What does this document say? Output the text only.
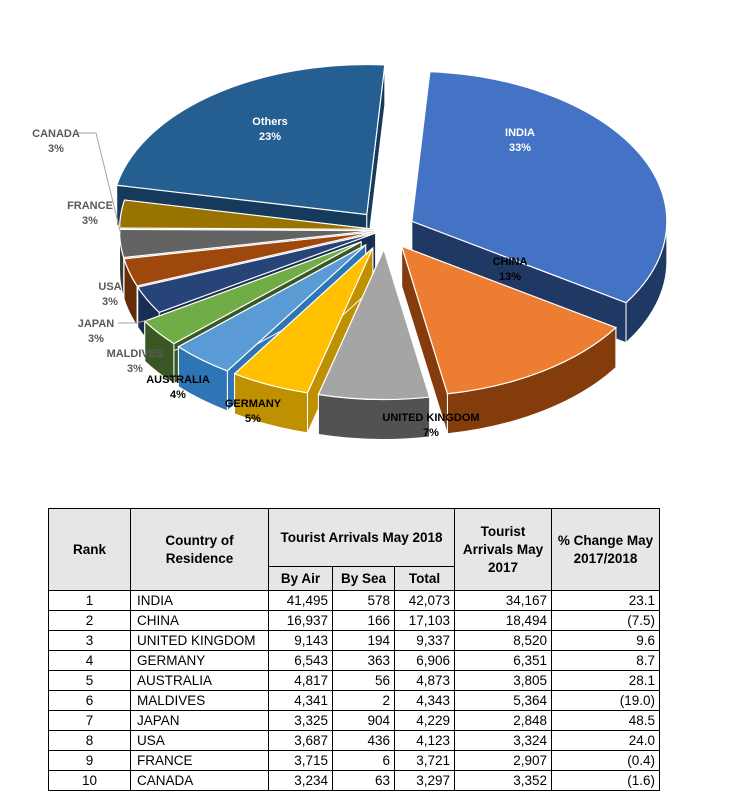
INDIA
33%
CHINA
13%
UNITED KINGDOM
7%
GERMANY
5%
AUSTRALIA
4%
MALDIVES
3%
JAPAN
3%
USA
3%
FRANCE
3%
CANADA
3%
Others
23%
Rank	Country of Residence	Tourist Arrivals May 2018			Tourist Arrivals May 2017	% Change May 2017/2018
		By Air	By Sea	Total		
1	INDIA	41,495	578	42,073	34,167	23.1
2	CHINA	16,937	166	17,103	18,494	(7.5)
3	UNITED KINGDOM	9,143	194	9,337	8,520	9.6
4	GERMANY	6,543	363	6,906	6,351	8.7
5	AUSTRALIA	4,817	56	4,873	3,805	28.1
6	MALDIVES	4,341	2	4,343	5,364	(19.0)
7	JAPAN	3,325	904	4,229	2,848	48.5
8	USA	3,687	436	4,123	3,324	24.0
9	FRANCE	3,715	6	3,721	2,907	(0.4)
10	CANADA	3,234	63	3,297	3,352	(1.6)
